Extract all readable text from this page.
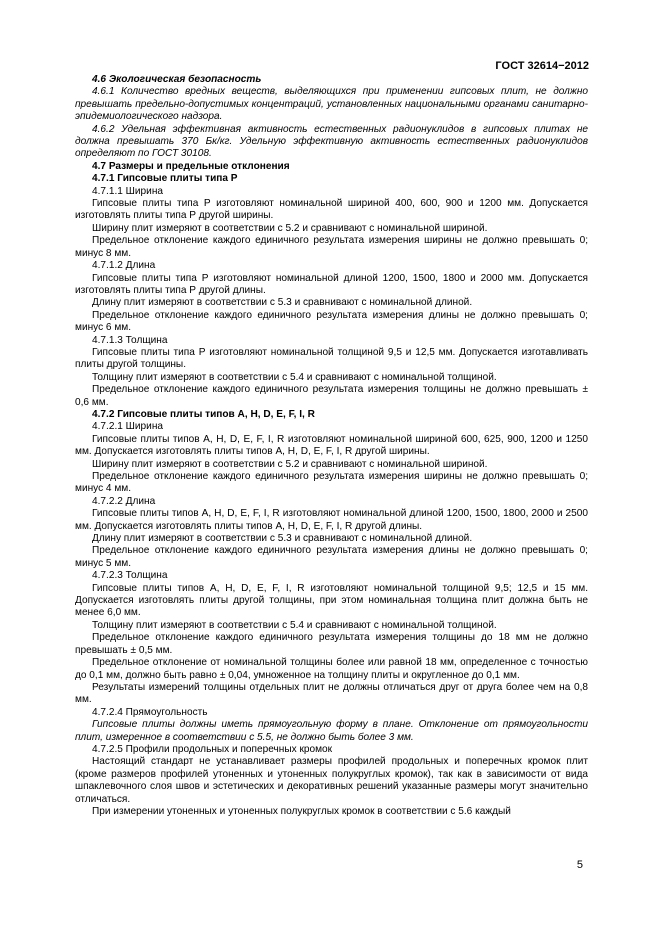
ГОСТ 32614−2012

4.6 Экологическая безопасность

4.6.1 Количество вредных веществ, выделяющихся при применении гипсовых плит, не должно превышать предельно-допустимых концентраций, установленных национальными органами санитарно-эпидемиологического надзора.

4.6.2 Удельная эффективная активность естественных радионуклидов в гипсовых плитах не должна превышать 370 Бк/кг. Удельную эффективную активность естественных радионуклидов определяют по ГОСТ 30108.

4.7 Размеры и предельные отклонения

4.7.1 Гипсовые плиты типа Р

4.7.1.1 Ширина

Гипсовые плиты типа Р изготовляют номинальной шириной 400, 600, 900 и 1200 мм. Допускается изготовлять плиты типа Р другой ширины.

Ширину плит измеряют в соответствии с 5.2 и сравнивают с номинальной шириной.

Предельное отклонение каждого единичного результата измерения ширины не должно превышать 0; минус 8 мм.

4.7.1.2 Длина

Гипсовые плиты типа Р изготовляют номинальной длиной 1200, 1500, 1800 и 2000 мм. Допускается изготовлять плиты типа Р другой длины.

Длину плит измеряют в соответствии с 5.3 и сравнивают с номинальной длиной.

Предельное отклонение каждого единичного результата измерения длины не должно превышать 0; минус 6 мм.

4.7.1.3 Толщина

Гипсовые плиты типа Р изготовляют номинальной толщиной 9,5 и 12,5 мм. Допускается изготавливать плиты другой толщины.

Толщину плит измеряют в соответствии с 5.4 и сравнивают с номинальной толщиной.

Предельное отклонение каждого единичного результата измерения толщины не должно превышать ± 0,6 мм.

4.7.2 Гипсовые плиты типов А, Н, D, Е, F, I, R

4.7.2.1 Ширина

Гипсовые плиты типов А, Н, D, Е, F, I, R изготовляют номинальной шириной 600, 625, 900, 1200 и 1250 мм. Допускается изготовлять плиты типов А, Н, D, Е, F, I, R другой ширины.

Ширину плит измеряют в соответствии с 5.2 и сравнивают с номинальной шириной.

Предельное отклонение каждого единичного результата измерения ширины не должно превышать 0; минус 4 мм.

4.7.2.2 Длина

Гипсовые плиты типов А, Н, D, Е, F, I, R изготовляют номинальной длиной 1200, 1500, 1800, 2000 и 2500 мм. Допускается изготовлять плиты типов А, Н, D, Е, F, I, R другой длины.

Длину плит измеряют в соответствии с 5.3 и сравнивают с номинальной длиной.

Предельное отклонение каждого единичного результата измерения длины не должно превышать 0; минус 5 мм.

4.7.2.3 Толщина

Гипсовые плиты типов А, Н, D, Е, F, I, R изготовляют номинальной толщиной 9,5; 12,5 и 15 мм. Допускается изготовлять плиты другой толщины, при этом номинальная толщина плит должна быть не менее 6,0 мм.

Толщину плит измеряют в соответствии с 5.4 и сравнивают с номинальной толщиной.

Предельное отклонение каждого единичного результата измерения толщины до 18 мм не должно превышать ± 0,5 мм.

Предельное отклонение от номинальной толщины более или равной 18 мм, определенное с точностью до 0,1 мм, должно быть равно ± 0,04, умноженное на толщину плиты и округленное до 0,1 мм.

Результаты измерений толщины отдельных плит не должны отличаться друг от друга более чем на 0,8 мм.

4.7.2.4 Прямоугольность

Гипсовые плиты должны иметь прямоугольную форму в плане. Отклонение от прямоугольности плит, измеренное в соответствии с 5.5, не должно быть более 3 мм.

4.7.2.5 Профили продольных и поперечных кромок

Настоящий стандарт не устанавливает размеры профилей продольных и поперечных кромок плит (кроме размеров профилей утоненных и утоненных полукруглых кромок), так как в зависимости от вида шпаклевочного слоя швов и эстетических и декоративных решений указанные размеры могут значительно отличаться.

При измерении утоненных и утоненных полукруглых кромок в соответствии с 5.6 каждый

5
